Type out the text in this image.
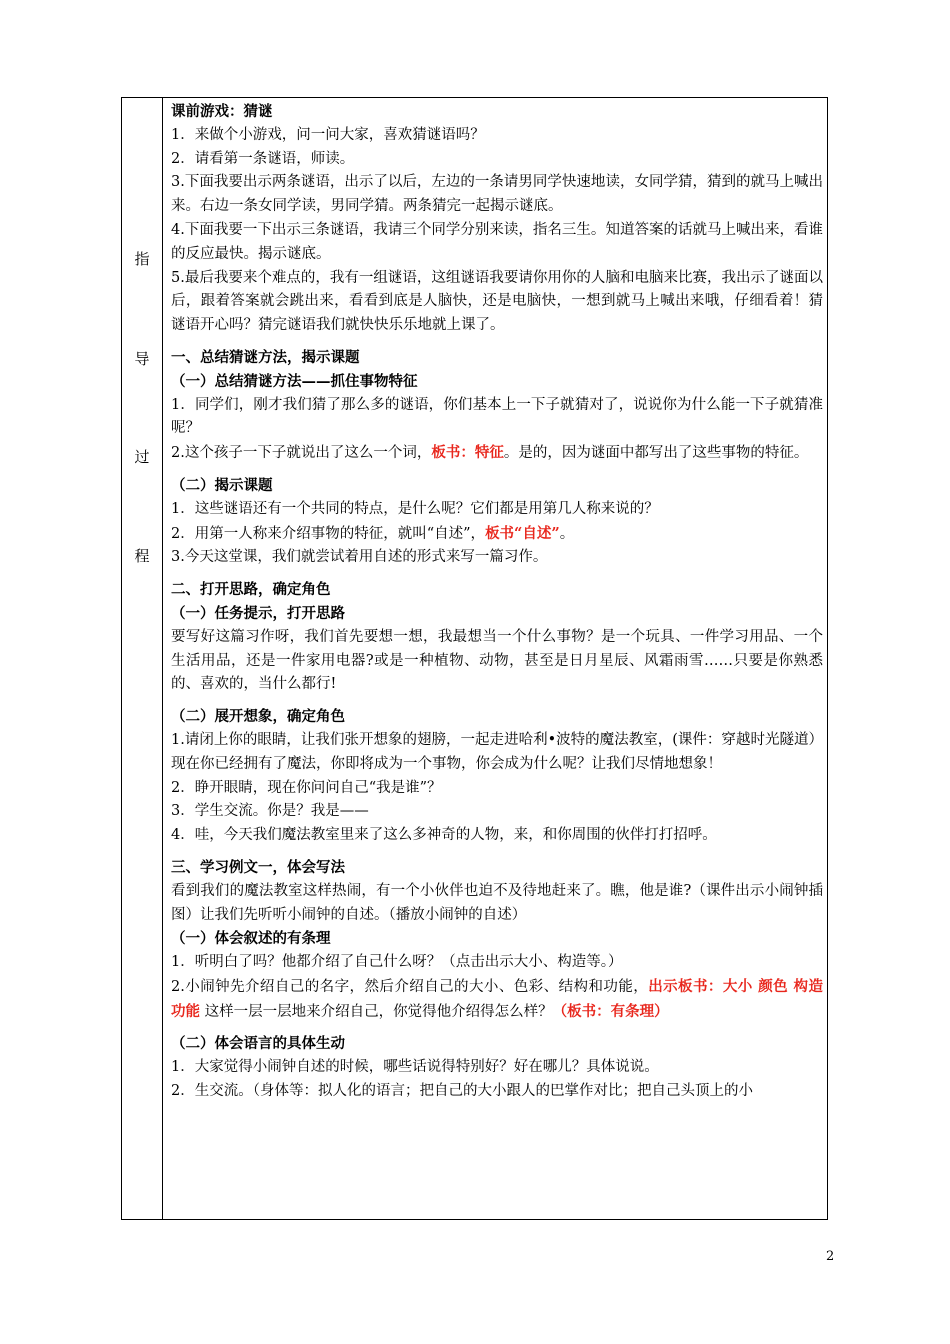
指
导
过
程

课前游戏：猜谜

1．来做个小游戏，问一问大家，喜欢猜谜语吗？

2．请看第一条谜语，师读。

3.下面我要出示两条谜语，出示了以后，左边的一条请男同学快速地读，女同学猜，猜到的就马上喊出来。右边一条女同学读，男同学猜。两条猜完一起揭示谜底。

4.下面我要一下出示三条谜语，我请三个同学分别来读，指名三生。知道答案的话就马上喊出来，看谁的反应最快。揭示谜底。

5.最后我要来个难点的，我有一组谜语，这组谜语我要请你用你的人脑和电脑来比赛，我出示了谜面以后，跟着答案就会跳出来，看看到底是人脑快，还是电脑快，一想到就马上喊出来哦，仔细看着！猜谜语开心吗？猜完谜语我们就快快乐乐地就上课了。

一、总结猜谜方法，揭示课题

（一）总结猜谜方法——抓住事物特征

1．同学们，刚才我们猜了那么多的谜语，你们基本上一下子就猜对了，说说你为什么能一下子就猜准呢？

2.这个孩子一下子就说出了这么一个词，板书：特征。是的，因为谜面中都写出了这些事物的特征。

（二）揭示课题

1．这些谜语还有一个共同的特点，是什么呢？它们都是用第几人称来说的？

2．用第一人称来介绍事物的特征，就叫“自述”，板书“自述”。

3.今天这堂课，我们就尝试着用自述的形式来写一篇习作。

二、打开思路，确定角色

（一）任务提示，打开思路

要写好这篇习作呀，我们首先要想一想，我最想当一个什么事物？是一个玩具、一件学习用品、一个生活用品，还是一件家用电器?或是一种植物、动物，甚至是日月星辰、风霜雨雪……只要是你熟悉的、喜欢的，当什么都行!

（二）展开想象，确定角色

1.请闭上你的眼睛，让我们张开想象的翅膀，一起走进哈利•波特的魔法教室，(课件：穿越时光隧道）现在你已经拥有了魔法，你即将成为一个事物，你会成为什么呢？让我们尽情地想象！

2．睁开眼睛，现在你问问自己“我是谁”？

3．学生交流。你是？我是——

4．哇，今天我们魔法教室里来了这么多神奇的人物，来，和你周围的伙伴打打招呼。

三、学习例文一，体会写法

看到我们的魔法教室这样热闹，有一个小伙伴也迫不及待地赶来了。瞧，他是谁?（课件出示小闹钟插图）让我们先听听小闹钟的自述。（播放小闹钟的自述）

（一）体会叙述的有条理

1．听明白了吗？他都介绍了自己什么呀？（点击出示大小、构造等。）

2.小闹钟先介绍自己的名字，然后介绍自己的大小、色彩、结构和功能，出示板书：大小 颜色 构造 功能 这样一层一层地来介绍自己，你觉得他介绍得怎么样？（板书：有条理）

（二）体会语言的具体生动

1．大家觉得小闹钟自述的时候，哪些话说得特别好？好在哪儿？具体说说。

2．生交流。（身体等：拟人化的语言；把自己的大小跟人的巴掌作对比；把自己头顶上的小

2
